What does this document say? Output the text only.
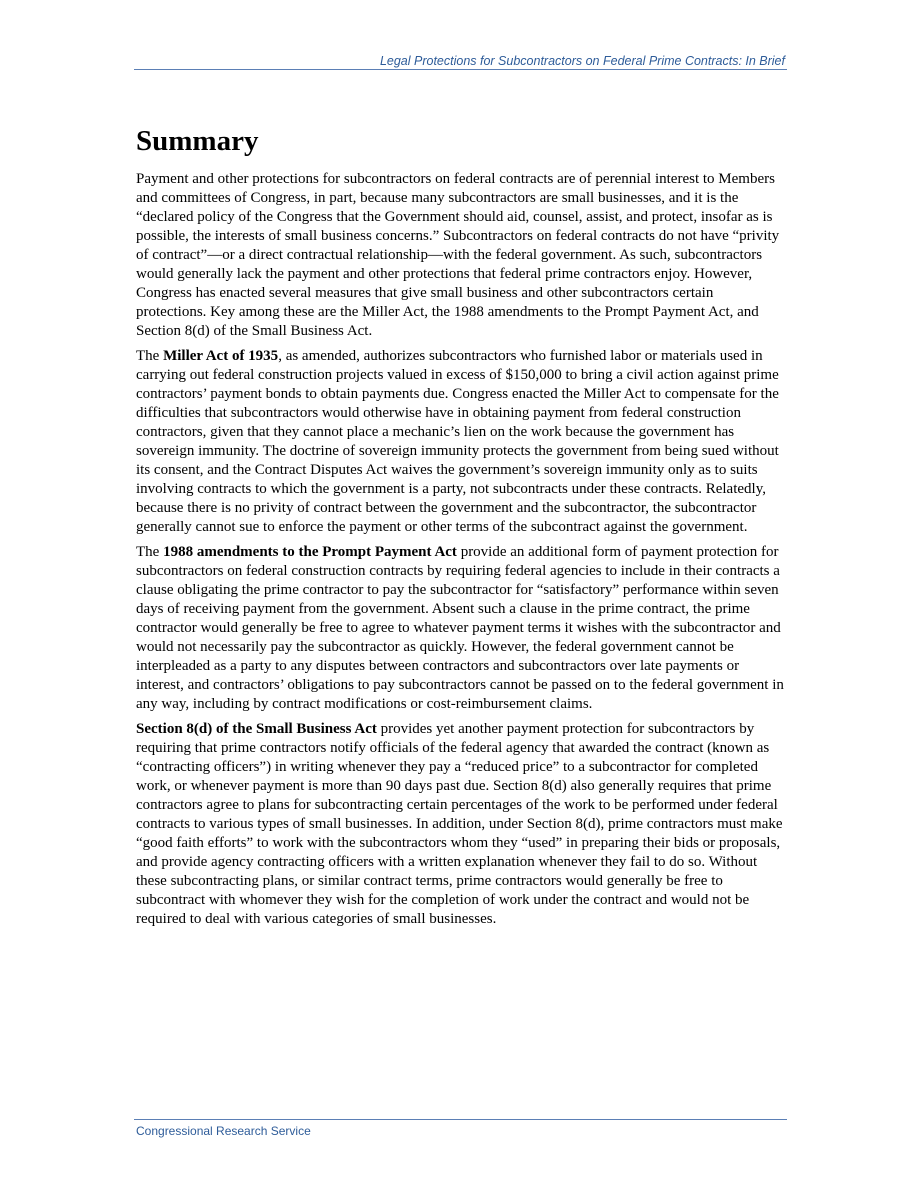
Legal Protections for Subcontractors on Federal Prime Contracts: In Brief
Summary

Payment and other protections for subcontractors on federal contracts are of perennial interest to Members and committees of Congress, in part, because many subcontractors are small businesses, and it is the “declared policy of the Congress that the Government should aid, counsel, assist, and protect, insofar as is possible, the interests of small business concerns.” Subcontractors on federal contracts do not have “privity of contract”—or a direct contractual relationship—with the federal government. As such, subcontractors would generally lack the payment and other protections that federal prime contractors enjoy. However, Congress has enacted several measures that give small business and other subcontractors certain protections. Key among these are the Miller Act, the 1988 amendments to the Prompt Payment Act, and Section 8(d) of the Small Business Act.

The Miller Act of 1935, as amended, authorizes subcontractors who furnished labor or materials used in carrying out federal construction projects valued in excess of $150,000 to bring a civil action against prime contractors’ payment bonds to obtain payments due. Congress enacted the Miller Act to compensate for the difficulties that subcontractors would otherwise have in obtaining payment from federal construction contractors, given that they cannot place a mechanic’s lien on the work because the government has sovereign immunity. The doctrine of sovereign immunity protects the government from being sued without its consent, and the Contract Disputes Act waives the government’s sovereign immunity only as to suits involving contracts to which the government is a party, not subcontracts under these contracts. Relatedly, because there is no privity of contract between the government and the subcontractor, the subcontractor generally cannot sue to enforce the payment or other terms of the subcontract against the government.

The 1988 amendments to the Prompt Payment Act provide an additional form of payment protection for subcontractors on federal construction contracts by requiring federal agencies to include in their contracts a clause obligating the prime contractor to pay the subcontractor for “satisfactory” performance within seven days of receiving payment from the government. Absent such a clause in the prime contract, the prime contractor would generally be free to agree to whatever payment terms it wishes with the subcontractor and would not necessarily pay the subcontractor as quickly. However, the federal government cannot be interpleaded as a party to any disputes between contractors and subcontractors over late payments or interest, and contractors’ obligations to pay subcontractors cannot be passed on to the federal government in any way, including by contract modifications or cost-reimbursement claims.

Section 8(d) of the Small Business Act provides yet another payment protection for subcontractors by requiring that prime contractors notify officials of the federal agency that awarded the contract (known as “contracting officers”) in writing whenever they pay a “reduced price” to a subcontractor for completed work, or whenever payment is more than 90 days past due. Section 8(d) also generally requires that prime contractors agree to plans for subcontracting certain percentages of the work to be performed under federal contracts to various types of small businesses. In addition, under Section 8(d), prime contractors must make “good faith efforts” to work with the subcontractors whom they “used” in preparing their bids or proposals, and provide agency contracting officers with a written explanation whenever they fail to do so. Without these subcontracting plans, or similar contract terms, prime contractors would generally be free to subcontract with whomever they wish for the completion of work under the contract and would not be required to deal with various categories of small businesses.

Congressional Research Service
